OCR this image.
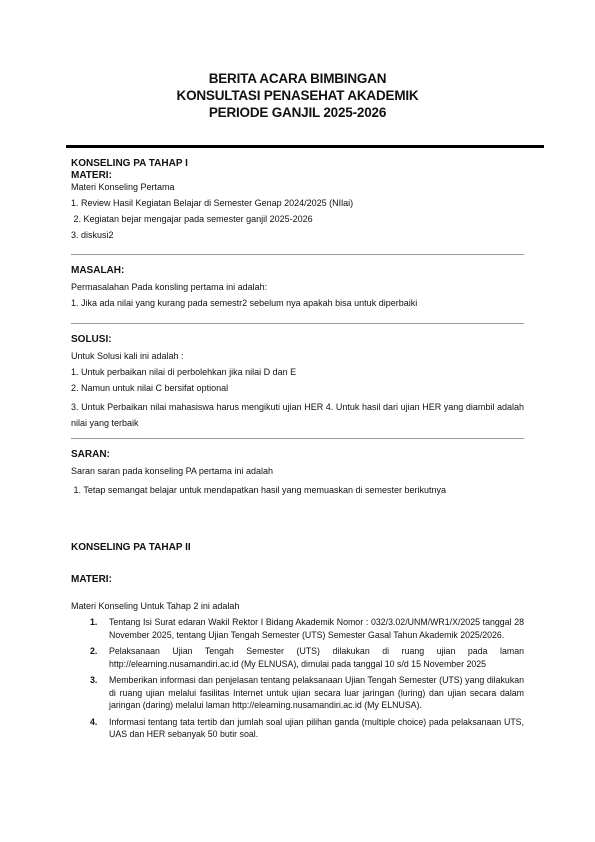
BERITA ACARA BIMBINGAN
KONSULTASI PENASEHAT AKADEMIK
PERIODE GANJIL 2025-2026
KONSELING PA TAHAP I
MATERI:
Materi Konseling Pertama
1. Review Hasil Kegiatan Belajar di Semester Genap 2024/2025 (NIlai)
2. Kegiatan bejar mengajar pada semester ganjil 2025-2026
3. diskusi2
MASALAH:
Permasalahan Pada konsling pertama ini adalah:
1. Jika ada nilai yang kurang pada semestr2 sebelum nya apakah bisa untuk diperbaiki
SOLUSI:
Untuk Solusi kali ini adalah :
1. Untuk perbaikan nilai di perbolehkan jika nilai D dan E
2. Namun untuk nilai C bersifat optional
3. Untuk Perbaikan nilai mahasiswa harus mengikuti ujian HER 4. Untuk hasil dari ujian HER yang diambil adalah nilai yang terbaik
SARAN:
Saran saran pada konseling PA pertama ini adalah
1. Tetap semangat belajar untuk mendapatkan hasil yang memuaskan di semester berikutnya
KONSELING PA TAHAP II
MATERI:
Materi Konseling Untuk Tahap 2 ini adalah
1. Tentang Isi Surat edaran Wakil Rektor I Bidang Akademik Nomor : 032/3.02/UNM/WR1/X/2025 tanggal 28 November 2025, tentang Ujian Tengah Semester (UTS) Semester Gasal Tahun Akademik 2025/2026.
2. Pelaksanaan Ujian Tengah Semester (UTS) dilakukan di ruang ujian pada laman http://elearning.nusamandiri.ac.id (My ELNUSA), dimulai pada tanggal 10 s/d 15 November 2025
3. Memberikan informasi dan penjelasan tentang pelaksanaan Ujian Tengah Semester (UTS) yang dilakukan di ruang ujian melalui fasilitas Internet untuk ujian secara luar jaringan (luring) dan ujian secara dalam jaringan (daring) melalui laman http://elearning.nusamandiri.ac.id (My ELNUSA).
4. Informasi tentang tata tertib dan jumlah soal ujian pilihan ganda (multiple choice) pada pelaksanaan UTS, UAS dan HER sebanyak 50 butir soal.
